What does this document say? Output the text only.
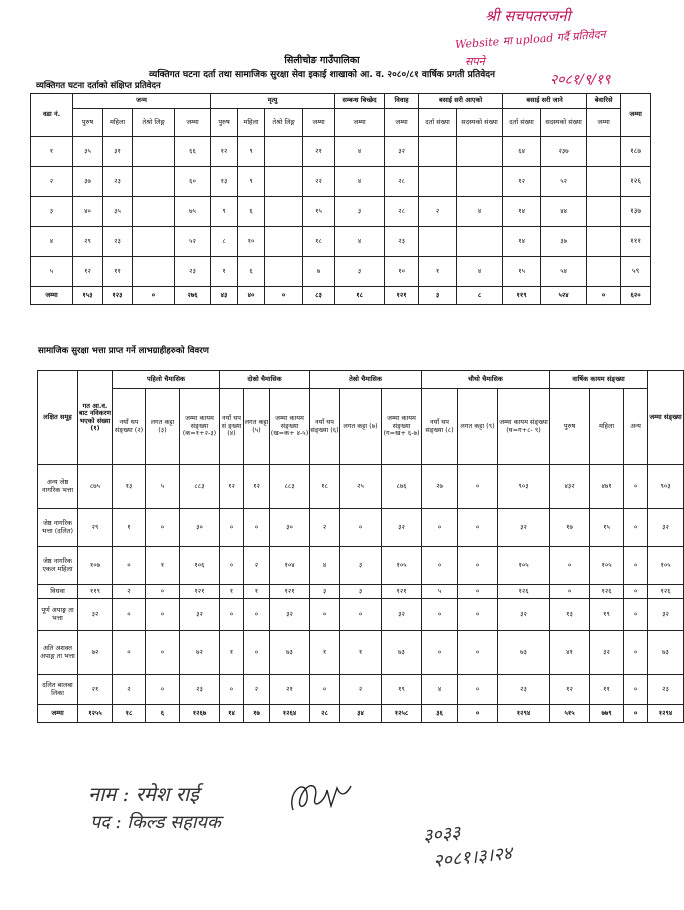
श्री सचपतरजनी
Website मा upload गर्दै प्रतिवेदन
सपने
२०८१/९/१९
सिलीचोङ गाउँपालिका
व्यक्तिगत घटना दर्ता तथा सामाजिक सुरक्षा सेवा इकाई शाखाको आ. व. २०८०/८१ वार्षिक प्रगती प्रतिवेदन
व्यक्तिगत घटना दर्ताको संक्षिप्त प्रतिवेदन
वडा नं.	जन्म				मृत्यु				सम्बन्ध बिच्छेद	विवाह	बसाई सरी आएको		बसाई सरी जाने		बेवारिसे	जम्मा
	पुरुष	महिला	तेश्रो लिङ्ग	जम्मा	पुरुष	महिला	तेश्रो लिङ्ग	जम्मा	जम्मा	जम्मा	दर्ता संख्या	सदस्यको संख्या	दर्ता संख्या	सदस्यको संख्या	जम्मा	
१	३५	३१		६६	१२	९		२१	४	३२			६४	२३७		१८७
२	३७	२३		६०	१३	९		२२	४	२८			१२	५२		१२६
३	४०	३५		७५	९	६		१५	३	२८	२	४	१४	४४		१३७
४	२९	२३		५२	८	१०		१८	४	२३			१४	३७		१११
५	१२	११		२३	१	६		७	३	१०	१	४	१५	५४		५९
जम्मा	१५३	१२३	०	२७६	४३	४०	०	८३	१८	१२१	३	८	११९	५२४	०	६२०
सामाजिक सुरक्षा भत्ता प्राप्त गर्ने लाभग्राहीहरुको विवरण
लक्षित समूह	गत आ.व. बाट नविकरण भएको संख्या (१)	पहिलो चैमासिक			दोस्रो चैमासिक			तेस्रो चैमासिक			चौथो चैमासिक			वार्षिक कायम संङ्ख्या			जम्मा संङ्ख्या
		नयाँ थप संङ्ख्या (२)	लगत कट्टा (३)	जम्मा कायम संङ्ख्या (क=१+२-३)	नयाँ थप सं ङ्ख्या (४)	लगत कट्टा (५)	जम्मा कायम संङ्ख्या (ख=क+ ४-५)	नयाँ थप संङ्ख्या (६)	लगत कट्टा (७)	जम्मा कायम संङ्ख्या (ग=ख+ ६-७)	नयाँ थप संङ्ख्या (८)	लगत कट्टा (९)	जम्मा कायम संङ्ख्या (घ=ग+८- ९)	पुरुष	महिला	अन्य	
अन्य जेष्ठ नागरिक भत्ता	८७५	१३	५	८८३	१२	१२	८८३	१८	२५	८७६	२७	०	९०३	४३२	४७१	०	९०३
जेष्ठ नागरिक भत्ता (दलित)	२९	१	०	३०	०	०	३०	२	०	३२	०	०	३२	१७	१५	०	३२
जेष्ठ नागरिक एकल महिला	१०७	०	१	१०६	०	२	१०४	४	३	१०५	०	०	१०५	०	१०५	०	१०५
विधवा	११९	२	०	१२१	१	१	१२१	३	३	१२१	५	०	१२६	०	१२६	०	१२६
पूर्ण अपाङ्ग ता भत्ता	३२	०	०	३२	०	०	३२	०	०	३२	०	०	३२	१३	१९	०	३२
अति अशक्त अपाङ्ग ता भत्ता	७२	०	०	७२	१	०	७३	१	१	७३	०	०	७३	४१	३२	०	७३
दलित बालबा लिका	२१	२	०	२३	०	२	२१	०	२	१९	४	०	२३	१२	११	०	२३
जम्मा	१२५५	१८	६	१२६७	१४	१७	१२६४	२८	३४	१२५८	३६	०	१२९४	५१५	७७९	०	१२९४
नाम : रमेश राई
पद : किल्ड सहायक	३०३३
२०८१।३।२४
